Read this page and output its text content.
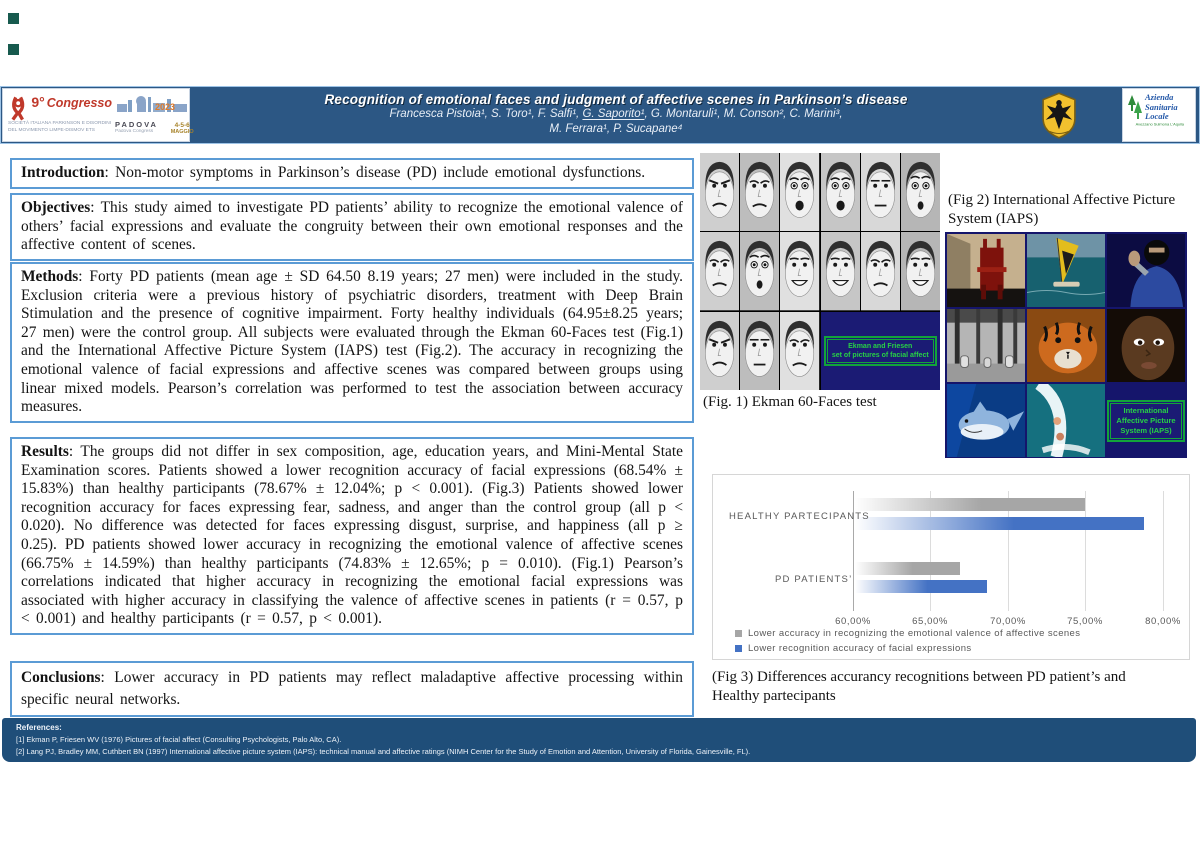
Recognition of emotional faces and judgment of affective scenes in Parkinson’s disease
Francesca Pistoia¹, S. Toro¹, F. Salfi¹, G. Saporito¹, G. Montaruli¹, M. Conson², C. Marini³,
M. Ferrara¹, P. Sucapane⁴
9° Congresso
SOCIETÀ ITALIANA PARKINSON E DISORDINI
DEL MOVIMENTO LIMPE-DISMOV ETS
2023
PADOVA
Padova Congress
4-5-6
MAGGIO
Azienda
Sanitaria
Locale
Avezzano Sulmona L'Aquila
Introduction: Non-motor symptoms in Parkinson’s disease (PD) include emotional dysfunctions.
Objectives: This study aimed to investigate PD patients’ ability to recognize the emotional valence of others’ facial expressions and evaluate the congruity between their own emotional responses and the affective content of scenes.
Methods: Forty PD patients (mean age ± SD 64.50 8.19 years; 27 men) were included in the study. Exclusion criteria were a previous history of psychiatric disorders, treatment with Deep Brain Stimulation and the presence of cognitive impairment. Forty healthy individuals (64.95±8.25 years; 27 men) were the control group. All subjects were evaluated through the Ekman 60-Faces test (Fig.1) and the International Affective Picture System (IAPS) test (Fig.2). The accuracy in recognizing the emotional valence of facial expressions and affective scenes was compared between groups using linear mixed models. Pearson’s correlation was performed to test the association between accuracy measures.
Results: The groups did not differ in sex composition, age, education years, and Mini-Mental State Examination scores. Patients showed a lower recognition accuracy of facial expressions (68.54% ± 15.83%) than healthy participants (78.67% ± 12.04%; p < 0.001). (Fig.3) Patients showed lower recognition accuracy for faces expressing fear, sadness, and anger than the control group (all p < 0.020). No difference was detected for faces expressing disgust, surprise, and happiness (all p ≥ 0.25). PD patients showed lower accuracy in recognizing the emotional valence of affective scenes (66.75% ± 14.59%) than healthy participants (74.83% ± 12.65%; p = 0.010). (Fig.1) Pearson’s correlations indicated that higher accuracy in recognizing the emotional facial expressions was associated with higher accuracy in classifying the valence of affective scenes in patients (r = 0.57, p < 0.001) and healthy participants (r = 0.57, p < 0.001).
Conclusions: Lower accuracy in PD patients may reflect maladaptive affective processing within specific neural networks.
Ekman and Friesen
set of pictures of facial affect
(Fig. 1) Ekman 60-Faces test
(Fig 2) International Affective Picture System (IAPS)
International Affective Picture
System (IAPS)
HEALTHY PARTECIPANTS
PD PATIENTS’
60,00%	65,00%	70,00%	75,00%	80,00%
Lower accuracy in recognizing the emotional valence of affective scenes
Lower recognition accuracy of facial expressions
(Fig 3) Differences accurancy recognitions between PD patient’s and Healthy partecipants
References:
[1] Ekman P, Friesen WV (1976) Pictures of facial affect (Consulting Psychologists, Palo Alto, CA).
[2] Lang PJ, Bradley MM, Cuthbert BN (1997) International affective picture system (IAPS): technical manual and affective ratings (NIMH Center for the Study of Emotion and Attention, University of Florida, Gainesville, FL).
